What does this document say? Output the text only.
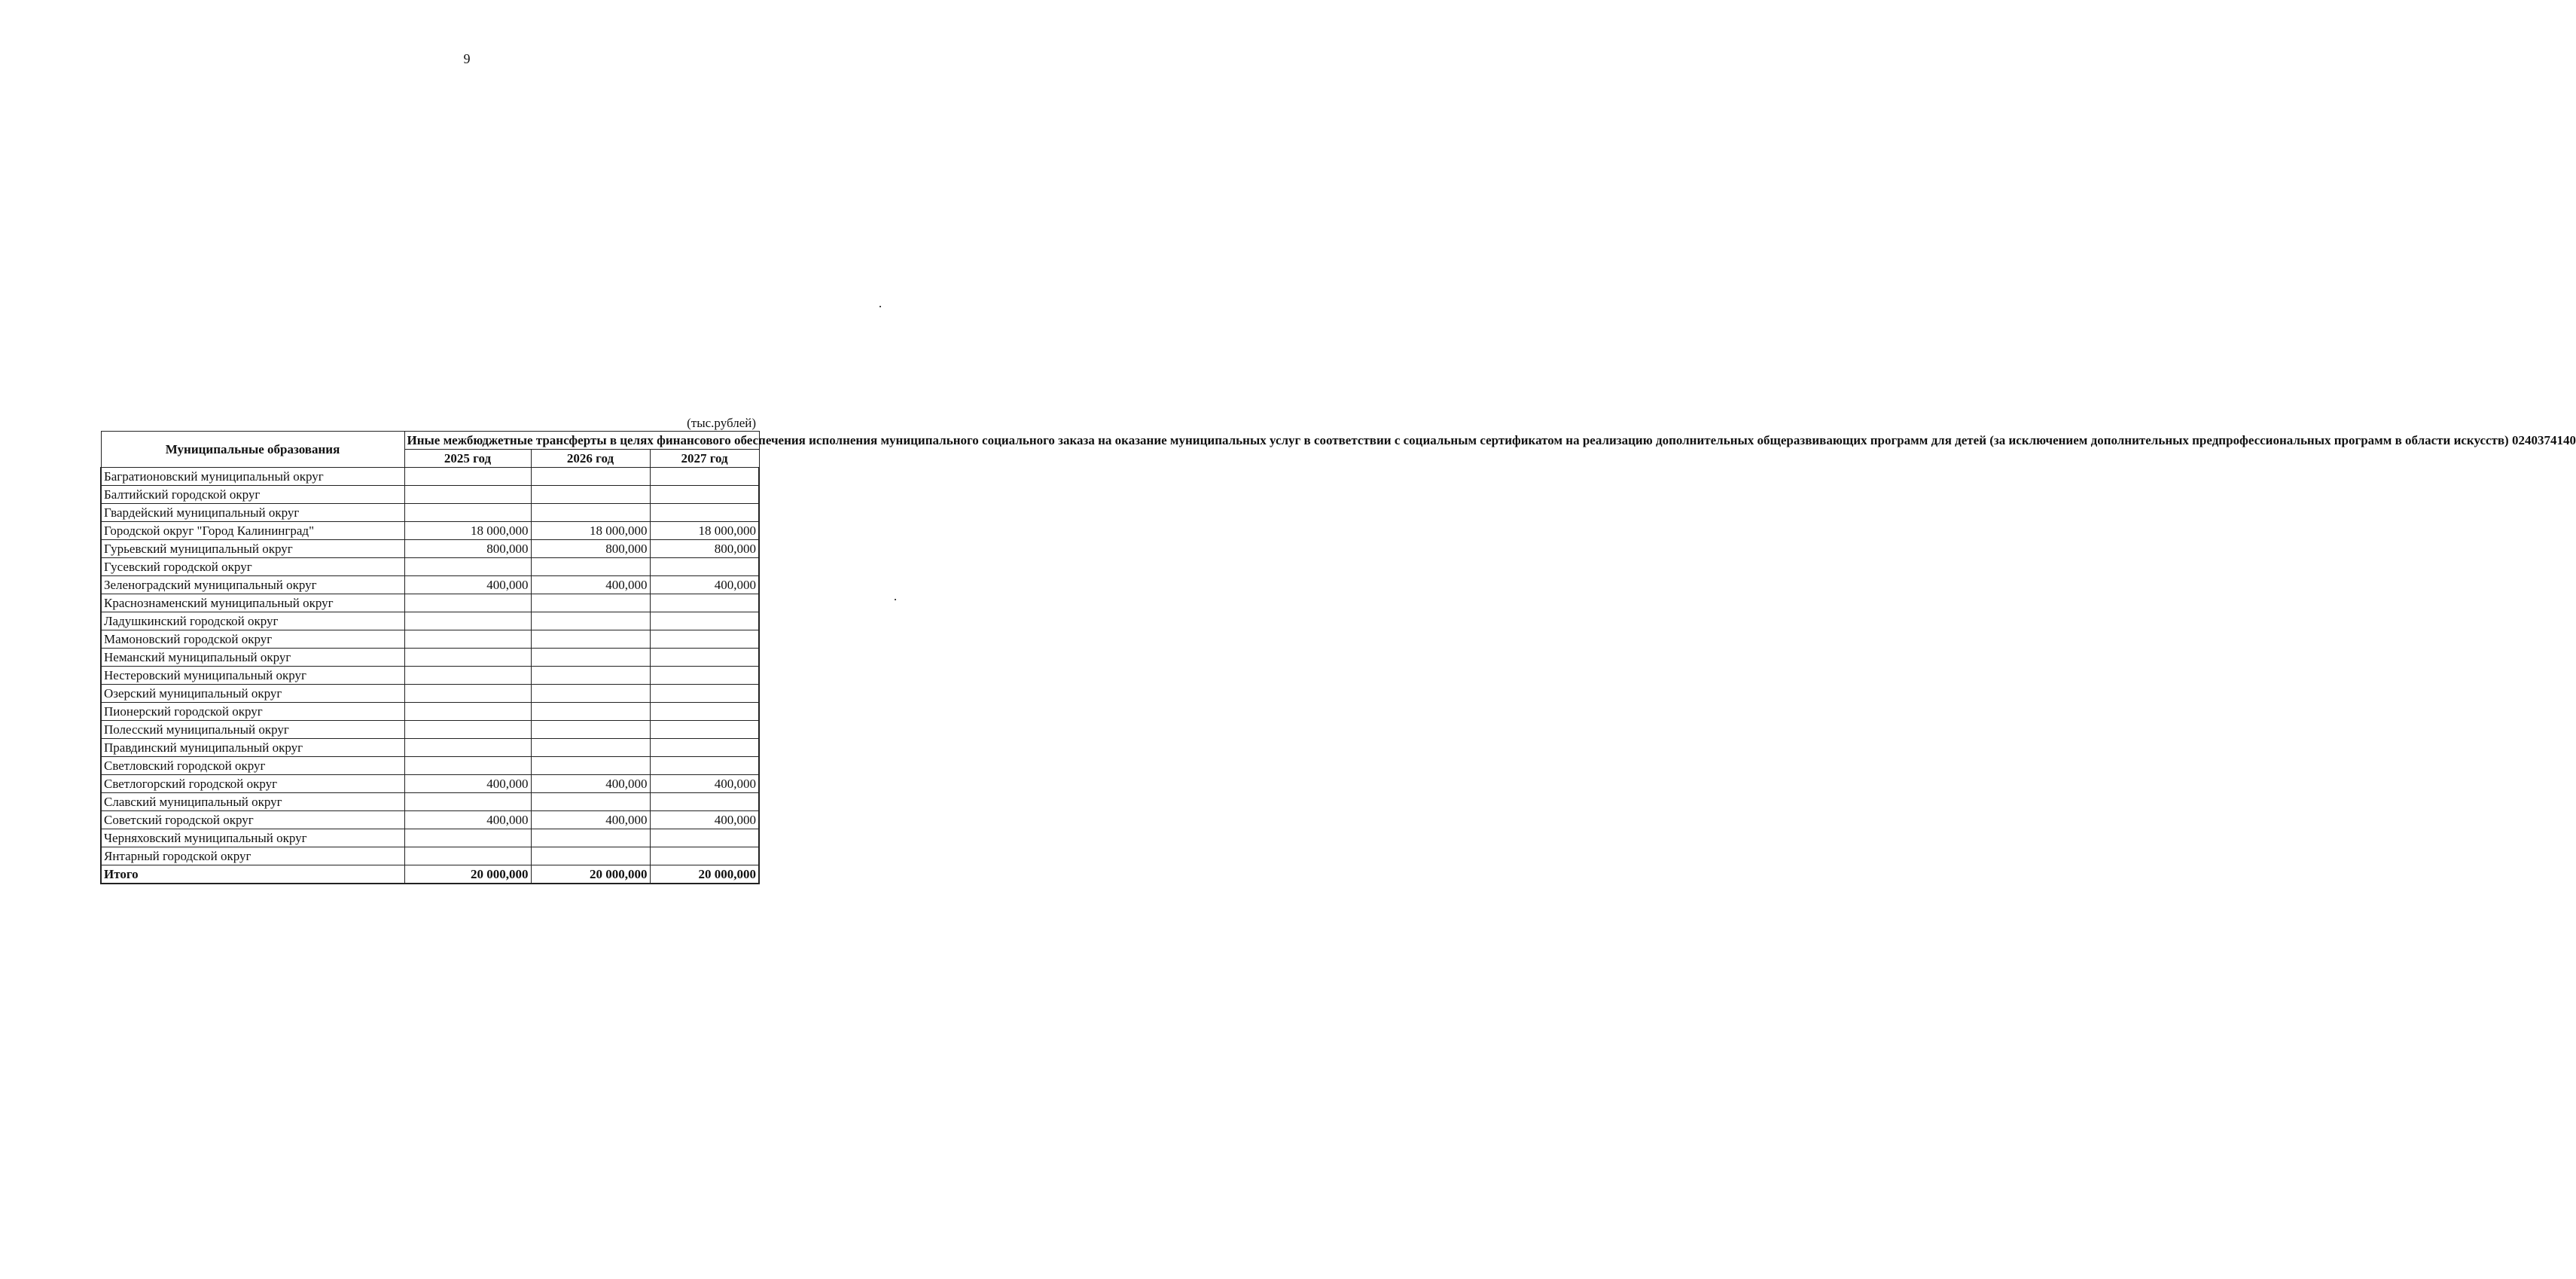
9
(тыс.рублей)
Муниципальные образования	Иные межбюджетные трансферты в целях финансового обеспечения исполнения муниципального социального заказа на оказание муниципальных услуг в соответствии с социальным сертификатом на реализацию дополнительных общеразвивающих программ для детей (за исключением дополнительных предпрофессиональных программ в области искусств) 0240374140		
	2025 год	2026 год	2027 год
Багратионовский муниципальный округ			
Балтийский городской округ			
Гвардейский муниципальный округ			
Городской округ "Город Калининград"	18 000,000	18 000,000	18 000,000
Гурьевский муниципальный округ	800,000	800,000	800,000
Гусевский городской округ			
Зеленоградский муниципальный округ	400,000	400,000	400,000
Краснознаменский муниципальный округ			
Ладушкинский городской округ			
Мамоновский городской округ			
Неманский муниципальный округ			
Нестеровский муниципальный округ			
Озерский муниципальный округ			
Пионерский городской округ			
Полесский муниципальный округ			
Правдинский муниципальный округ			
Светловский городской округ			
Светлогорский городской округ	400,000	400,000	400,000
Славский муниципальный округ			
Советский городской округ	400,000	400,000	400,000
Черняховский муниципальный округ			
Янтарный городской округ			
Итого	20 000,000	20 000,000	20 000,000
